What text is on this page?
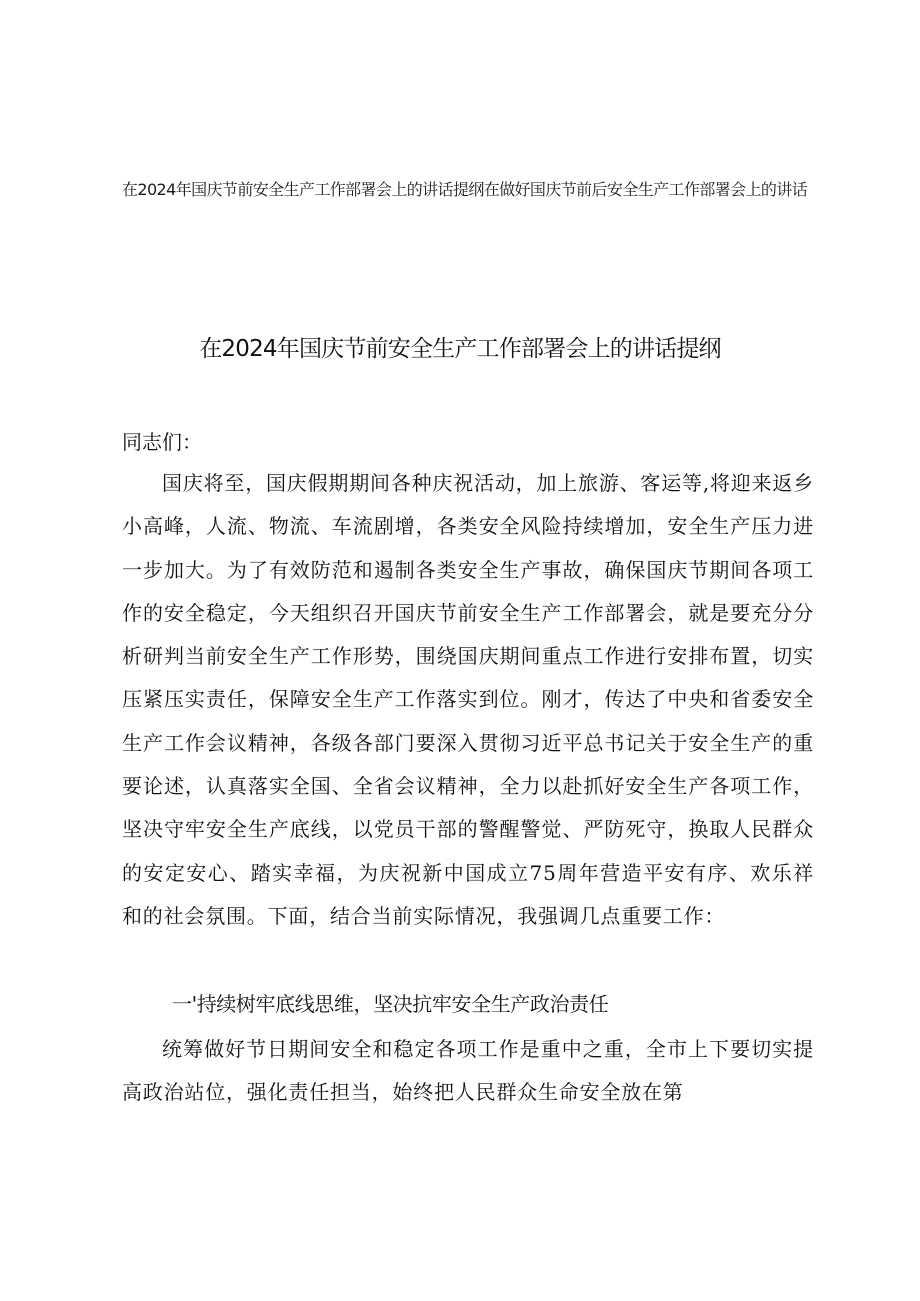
在2024年国庆节前安全生产工作部署会上的讲话提纲在做好国庆节前后安全生产工作部署会上的讲话

在2024年国庆节前安全生产工作部署会上的讲话提纲

同志们：

国庆将至，国庆假期期间各种庆祝活动，加上旅游、客运等,将迎来返乡小高峰，人流、物流、车流剧增，各类安全风险持续增加，安全生产压力进一步加大。为了有效防范和遏制各类安全生产事故，确保国庆节期间各项工作的安全稳定，今天组织召开国庆节前安全生产工作部署会，就是要充分分析研判当前安全生产工作形势，围绕国庆期间重点工作进行安排布置，切实压紧压实责任，保障安全生产工作落实到位。刚才，传达了中央和省委安全生产工作会议精神，各级各部门要深入贯彻习近平总书记关于安全生产的重要论述，认真落实全国、全省会议精神，全力以赴抓好安全生产各项工作，坚决守牢安全生产底线，以党员干部的警醒警觉、严防死守，换取人民群众的安定安心、踏实幸福，为庆祝新中国成立75周年营造平安有序、欢乐祥和的社会氛围。下面，结合当前实际情况，我强调几点重要工作：

一'持续树牢底线思维，坚决抗牢安全生产政治责任

统筹做好节日期间安全和稳定各项工作是重中之重，全市上下要切实提高政治站位，强化责任担当，始终把人民群众生命安全放在第
